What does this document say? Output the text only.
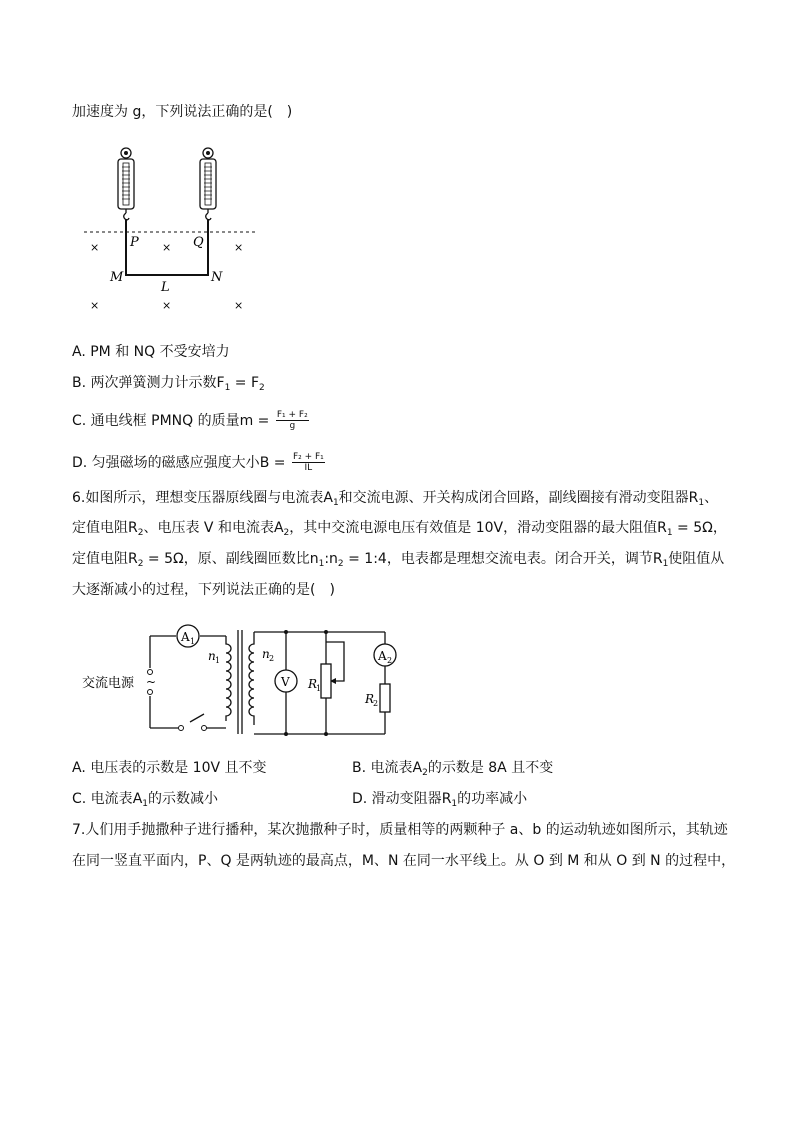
加速度为 g，下列说法正确的是(　)
P	Q
M	N
L
×	×	×
×	×	×
A. PM 和 NQ 不受安培力
B. 两次弹簧测力计示数$F_1 = F_2$
C. 通电线框 PMNQ 的质量$m = \frac{\text{F₁ + F₂}}{g}$
D. 匀强磁场的磁感应强度大小$B = \frac{\text{F₂ + F₁}}{IL}$
6.如图所示，理想变压器原线圈与电流表$A_1$和交流电源、开关构成闭合回路，副线圈接有滑动变阻器$R_1$、
定值电阻$R_2$、电压表 V 和电流表$A_2$，其中交流电源电压有效值是 10V，滑动变阻器的最大阻值$R_1 = 5\Omega$，
定值电阻$R_2 = 5\Omega$，原、副线圈匝数比$n_1:n_2$ = 1:4，电表都是理想交流电表。闭合开关，调节$R_1$使阻值从
大逐渐减小的过程，下列说法正确的是(　)
~
交流电源
A 1
n 1	n 2
V R
1
A 2
R
2
A. 电压表的示数是 10V 且不变	B. 电流表$A_2$的示数是 8A 且不变
C. 电流表$A_1$的示数减小	D. 滑动变阻器$R_1$的功率减小
7.人们用手抛撒种子进行播种，某次抛撒种子时，质量相等的两颗种子 a、b 的运动轨迹如图所示，其轨迹
在同一竖直平面内，P、Q 是两轨迹的最高点，M、N 在同一水平线上。从 O 到 M 和从 O 到 N 的过程中，
